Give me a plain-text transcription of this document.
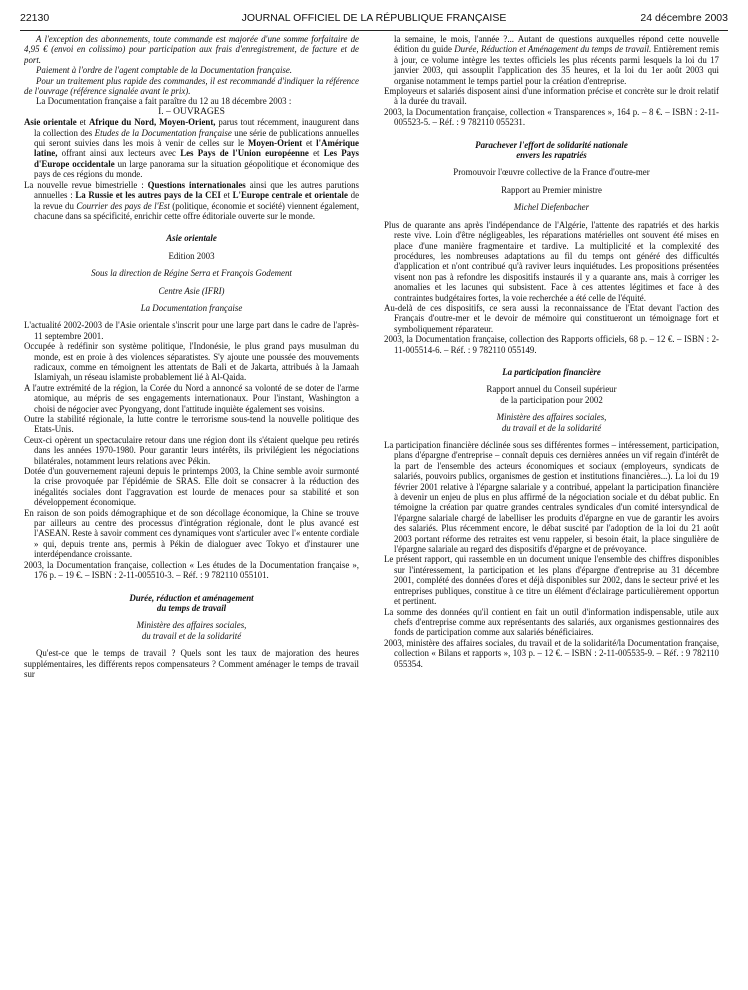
22130	JOURNAL OFFICIEL DE LA RÉPUBLIQUE FRANÇAISE	24 décembre 2003

A l'exception des abonnements, toute commande est majorée d'une somme forfaitaire de 4,95 € (envoi en colissimo) pour participation aux frais d'enregistrement, de facture et de port.

Paiement à l'ordre de l'agent comptable de la Documentation française.

Pour un traitement plus rapide des commandes, il est recommandé d'indiquer la référence de l'ouvrage (référence signalée avant le prix).

La Documentation française a fait paraître du 12 au 18 décembre 2003 :

I. – OUVRAGES

Asie orientale et Afrique du Nord, Moyen-Orient, parus tout récemment, inaugurent dans la collection des Etudes de la Documentation française une série de publications annuelles qui seront suivies dans les mois à venir de celles sur le Moyen-Orient et l'Amérique latine, offrant ainsi aux lecteurs avec Les Pays de l'Union européenne et Les Pays d'Europe occidentale un large panorama sur la situation géopolitique et économique des pays de ces régions du monde.

La nouvelle revue bimestrielle : Questions internationales ainsi que les autres parutions annuelles : La Russie et les autres pays de la CEI et L'Europe centrale et orientale de la revue du Courrier des pays de l'Est (politique, économie et société) viennent également, chacune dans sa spécificité, enrichir cette offre éditoriale ouverte sur le monde.

Asie orientale

Edition 2003

Sous la direction de Régine Serra et François Godement

Centre Asie (IFRI)

La Documentation française

L'actualité 2002-2003 de l'Asie orientale s'inscrit pour une large part dans le cadre de l'après-11 septembre 2001.

Occupée à redéfinir son système politique, l'Indonésie, le plus grand pays musulman du monde, est en proie à des violences séparatistes. S'y ajoute une poussée des mouvements radicaux, comme en témoignent les attentats de Bali et de Jakarta, attribués à la Jamaah Islamiyah, un réseau islamiste probablement lié à Al-Qaida.

A l'autre extrémité de la région, la Corée du Nord a annoncé sa volonté de se doter de l'arme atomique, au mépris de ses engagements internationaux. Pour l'instant, Washington a choisi de négocier avec Pyongyang, dont l'attitude inquiète également ses voisins.

Outre la stabilité régionale, la lutte contre le terrorisme sous-tend la nouvelle politique des Etats-Unis.

Ceux-ci opèrent un spectaculaire retour dans une région dont ils s'étaient quelque peu retirés dans les années 1970-1980. Pour garantir leurs intérêts, ils privilégient les négociations bilatérales, notamment leurs relations avec Pékin.

Dotée d'un gouvernement rajeuni depuis le printemps 2003, la Chine semble avoir surmonté la crise provoquée par l'épidémie de SRAS. Elle doit se consacrer à la réduction des inégalités sociales dont l'aggravation est lourde de menaces pour sa stabilité et son développement économique.

En raison de son poids démographique et de son décollage économique, la Chine se trouve par ailleurs au centre des processus d'intégration régionale, dont le plus avancé est l'ASEAN. Reste à savoir comment ces dynamiques vont s'articuler avec l'« entente cordiale » qui, depuis trente ans, permis à Pékin de dialoguer avec Tokyo et d'instaurer une interdépendance croissante.

2003, la Documentation française, collection « Les études de la Documentation française », 176 p. – 19 €. – ISBN : 2-11-005510-3. – Réf. : 9 782110 055101.

Durée, réduction et aménagement

du temps de travail

Ministère des affaires sociales,

du travail et de la solidarité

Qu'est-ce que le temps de travail ? Quels sont les taux de majoration des heures supplémentaires, les différents repos compensateurs ? Comment aménager le temps de travail sur

la semaine, le mois, l'année ?... Autant de questions auxquelles répond cette nouvelle édition du guide Durée, Réduction et Aménagement du temps de travail. Entièrement remis à jour, ce volume intègre les textes officiels les plus récents parmi lesquels la loi du 17 janvier 2003, qui assouplit l'application des 35 heures, et la loi du 1er août 2003 qui organise notamment le temps partiel pour la création d'entreprise.

Employeurs et salariés disposent ainsi d'une information précise et concrète sur le droit relatif à la durée du travail.

2003, la Documentation française, collection « Transparences », 164 p. – 8 €. – ISBN : 2-11-005523-5. – Réf. : 9 782110 055231.

Parachever l'effort de solidarité nationale

envers les rapatriés

Promouvoir l'œuvre collective de la France d'outre-mer

Rapport au Premier ministre

Michel Diefenbacher

Plus de quarante ans après l'indépendance de l'Algérie, l'attente des rapatriés et des harkis reste vive. Loin d'être négligeables, les réparations matérielles ont souvent été mises en place d'une manière fragmentaire et tardive. La multiplicité et la complexité des procédures, les nombreuses adaptations au fil du temps ont généré des difficultés d'application et n'ont contribué qu'à raviver leurs inquiétudes. Les propositions présentées visent non pas à refondre les dispositifs instaurés il y a quarante ans, mais à corriger les anomalies et les lacunes qui subsistent. Face à ces attentes légitimes et face à des contraintes budgétaires fortes, la voie recherchée a été celle de l'équité.

Au-delà de ces dispositifs, ce sera aussi la reconnaissance de l'Etat devant l'action des Français d'outre-mer et le devoir de mémoire qui constitueront un témoignage fort et symboliquement réparateur.

2003, la Documentation française, collection des Rapports officiels, 68 p. – 12 €. – ISBN : 2-11-005514-6. – Réf. : 9 782110 055149.

La participation financière

Rapport annuel du Conseil supérieur

de la participation pour 2002

Ministère des affaires sociales,

du travail et de la solidarité

La participation financière déclinée sous ses différentes formes – intéressement, participation, plans d'épargne d'entreprise – connaît depuis ces dernières années un vif regain d'intérêt de la part de l'ensemble des acteurs économiques et sociaux (employeurs, syndicats de salariés, pouvoirs publics, organismes de gestion et institutions financières...). La loi du 19 février 2001 relative à l'épargne salariale y a contribué, appelant la participation financière à devenir un enjeu de plus en plus affirmé de la négociation sociale et du débat public. En témoigne la création par quatre grandes centrales syndicales d'un comité intersyndical de l'épargne salariale chargé de labelliser les produits d'épargne en vue de garantir les avoirs des salariés. Plus récemment encore, le débat suscité par l'adoption de la loi du 21 août 2003 portant réforme des retraites est venu rappeler, si besoin était, la place singulière de l'épargne salariale au regard des dispositifs d'épargne et de prévoyance.

Le présent rapport, qui rassemble en un document unique l'ensemble des chiffres disponibles sur l'intéressement, la participation et les plans d'épargne d'entreprise au 31 décembre 2001, complété des données d'ores et déjà disponibles sur 2002, dans le secteur privé et les entreprises publiques, constitue à ce titre un élément d'éclairage particulièrement opportun et pertinent.

La somme des données qu'il contient en fait un outil d'information indispensable, utile aux chefs d'entreprise comme aux représentants des salariés, aux organismes gestionnaires des fonds de participation comme aux salariés bénéficiaires.

2003, ministère des affaires sociales, du travail et de la solidarité/la Documentation française, collection « Bilans et rapports », 103 p. – 12 €. – ISBN : 2-11-005535-9. – Réf. : 9 782110 055354.
